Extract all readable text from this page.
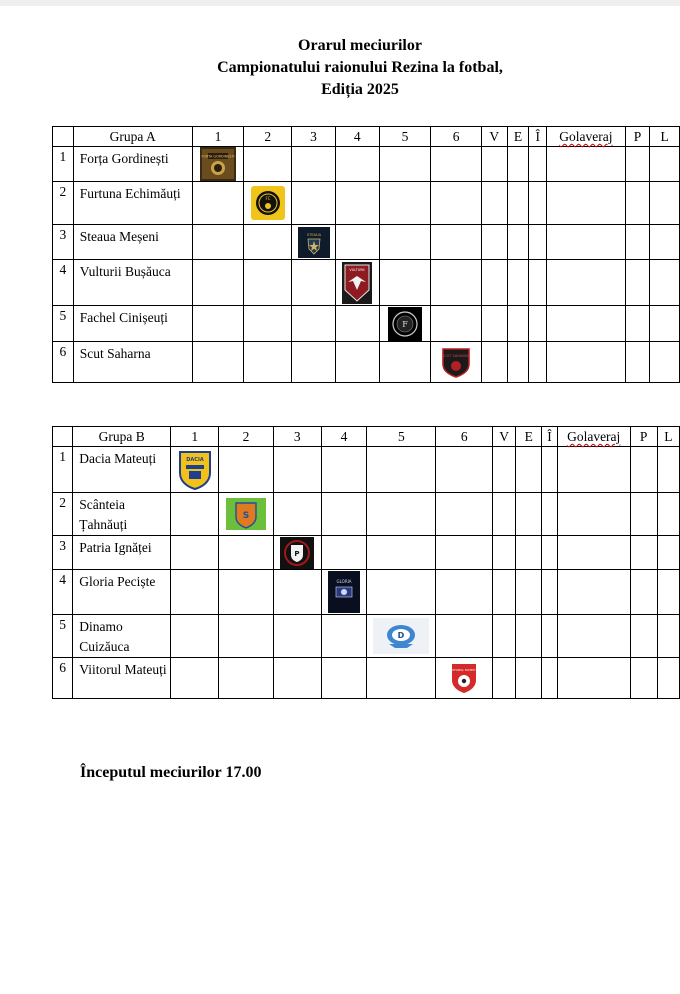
Orarul meciurilor
Campionatului raionului Rezina la fotbal,
Ediția 2025
	Grupa A	1	2	3	4	5	6	V	E	Î	Golaveraj	P	L
1	Forța Gordinești	FORTA GORDINESTI											

2	Furtuna Echimăuți		FC										

3	Steaua Meșeni			STEAUA									

4	Vulturii Bușăuca				VULTURII								

5	Fachel Cinișeuți					F							

6	Scut Saharna						SCUT SAHARNA						

	Grupa B	1	2	3	4	5	6	V	E	Î	Golaveraj	P	L
1	Dacia Mateuți	DACIA											

2	Scânteia Țahnăuți		S										

3	Patria Ignăței			P									

4	Gloria Peciște				GLORIA								

5	Dinamo Cuizăuca					D							

6	Viitorul Mateuți						VIITORUL MATEUTI						

Începutul meciurilor 17.00
